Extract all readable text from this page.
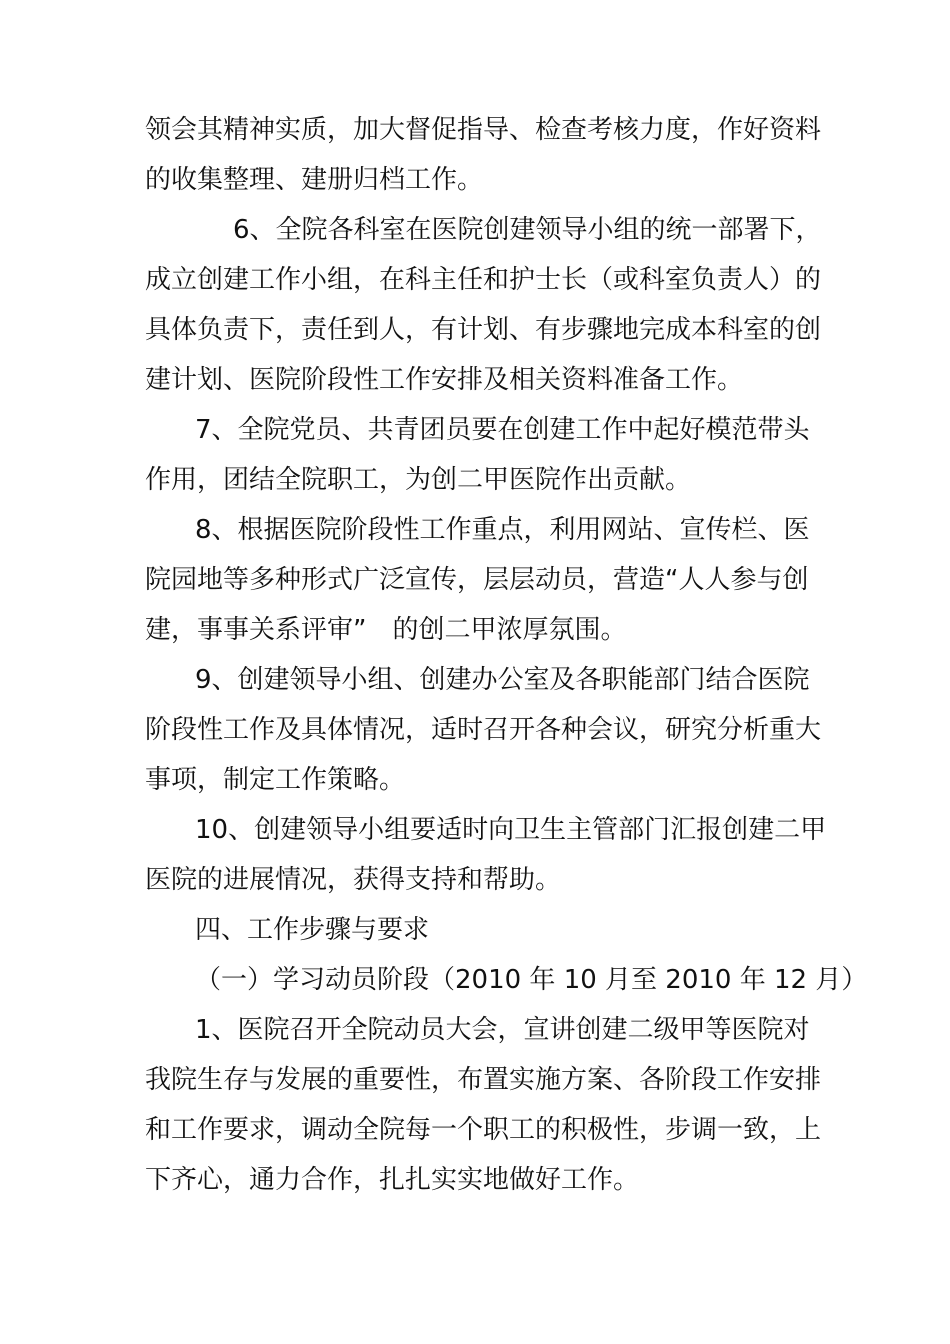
领会其精神实质，加大督促指导、检查考核力度，作好资料
的收集整理、建册归档工作。
6、全院各科室在医院创建领导小组的统一部署下，
成立创建工作小组，在科主任和护士长（或科室负责人）的
具体负责下，责任到人，有计划、有步骤地完成本科室的创
建计划、医院阶段性工作安排及相关资料准备工作。
7、全院党员、共青团员要在创建工作中起好模范带头
作用，团结全院职工，为创二甲医院作出贡献。
8、根据医院阶段性工作重点，利用网站、宣传栏、医
院园地等多种形式广泛宣传，层层动员，营造“人人参与创
建，事事关系评审”　的创二甲浓厚氛围。
9、创建领导小组、创建办公室及各职能部门结合医院
阶段性工作及具体情况，适时召开各种会议，研究分析重大
事项，制定工作策略。
10、创建领导小组要适时向卫生主管部门汇报创建二甲
医院的进展情况，获得支持和帮助。
四、工作步骤与要求
（一）学习动员阶段（2010 年 10 月至 2010 年 12 月）
1、医院召开全院动员大会，宣讲创建二级甲等医院对
我院生存与发展的重要性，布置实施方案、各阶段工作安排
和工作要求，调动全院每一个职工的积极性，步调一致，上
下齐心，通力合作，扎扎实实地做好工作。
